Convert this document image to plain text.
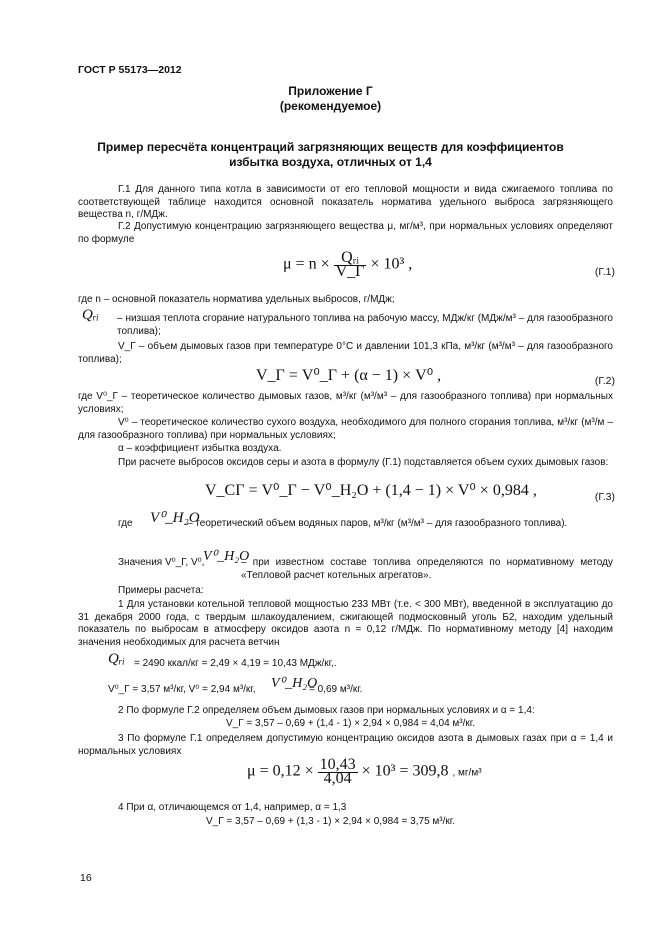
ГОСТ Р 55173—2012
Приложение Г
(рекомендуемое)
Пример пересчёта концентраций загрязняющих веществ для коэффициентов
избытка воздуха, отличных от 1,4
Г.1 Для данного типа котла в зависимости от его тепловой мощности и вида сжигаемого топлива по соответствующей таблице находится основной показатель норматива удельного выброса загрязняющего вещества n, г/МДж.
Г.2 Допустимую концентрацию загрязняющего вещества μ, мг/м³, при нормальных условиях определяют по формуле
$\mu = n \times \frac{\text{Qᵣᵢ}}{V\_Г} \times 10^3$ ,	(Г.1)
где n – основной показатель норматива удельных выбросов, г/МДж;
Qᵣᵢ – низшая теплота сгорание натурального топлива на рабочую массу, МДж/кг (МДж/м³ – для газообразного топлива);
V_Г – объем дымовых газов при температуре 0°С и давлении 101,3 кПа, м³/кг (м³/м³ – для газообразного топлива);
V_Г = V⁰_Г + (α − 1) × V⁰ ,	(Г.2)
где V⁰_Г – теоретическое количество дымовых газов, м³/кг (м³/м³ – для газообразного топлива) при нормальных условиях;
V⁰ – теоретическое количество сухого воздуха, необходимого для полного сгорания топлива, м³/кг (м³/м – для газообразного топлива) при нормальных условиях;
α – коэффициент избытка воздуха.
При расчете выбросов оксидов серы и азота в формулу (Г.1) подставляется объем сухих дымовых газов:
V_СГ = V⁰_Г − V⁰_H₂O + (1,4 − 1) × V⁰ × 0,984 ,	(Г.3)
где V⁰_H₂O
– теоретический объем водяных паров, м³/кг (м³/м³ – для газообразного топлива).
Значения V⁰_Г, V⁰,
V⁰_H₂O
– при известном составе топлива определяются по нормативному методу «Тепловой расчет котельных агрегатов».
Примеры расчета:
1 Для установки котельной тепловой мощностью 233 МВт (т.е. < 300 МВт), введенной в эксплуатацию до 31 декабря 2000 года, с твердым шлакоудалением, сжигающей подмосковный уголь Б2, находим удельный показатель по выбросам в атмосферу оксидов азота n = 0,12 г/МДж. По нормативному методу [4] находим значения необходимых для расчета ветчин
Qᵣᵢ = 2490 ккал/кг = 2,49 × 4,19 = 10,43 МДж/кг,.
V⁰_Г = 3,57 м³/кг, V⁰ = 2,94 м³/кг, V⁰_H₂O
= 0,69 м³/кг.
2 По формуле Г.2 определяем объем дымовых газов при нормальных условиях и α = 1,4:
V_Г = 3,57 – 0,69 + (1,4 - 1) × 2,94 × 0,984 = 4,04 м³/кг.
3 По формуле Г.1 определяем допустимую концентрацию оксидов азота в дымовых газах при α = 1,4 и нормальных условиях
$\mu = 0,12 \times \frac{10,43}{4,04} \times 10^3 = 309,8$ , мг/м³
4 При α, отличающемся от 1,4, например, α = 1,3
V_Г = 3,57 – 0,69 + (1,3 - 1) × 2,94 × 0,984 = 3,75 м³/кг.
16
